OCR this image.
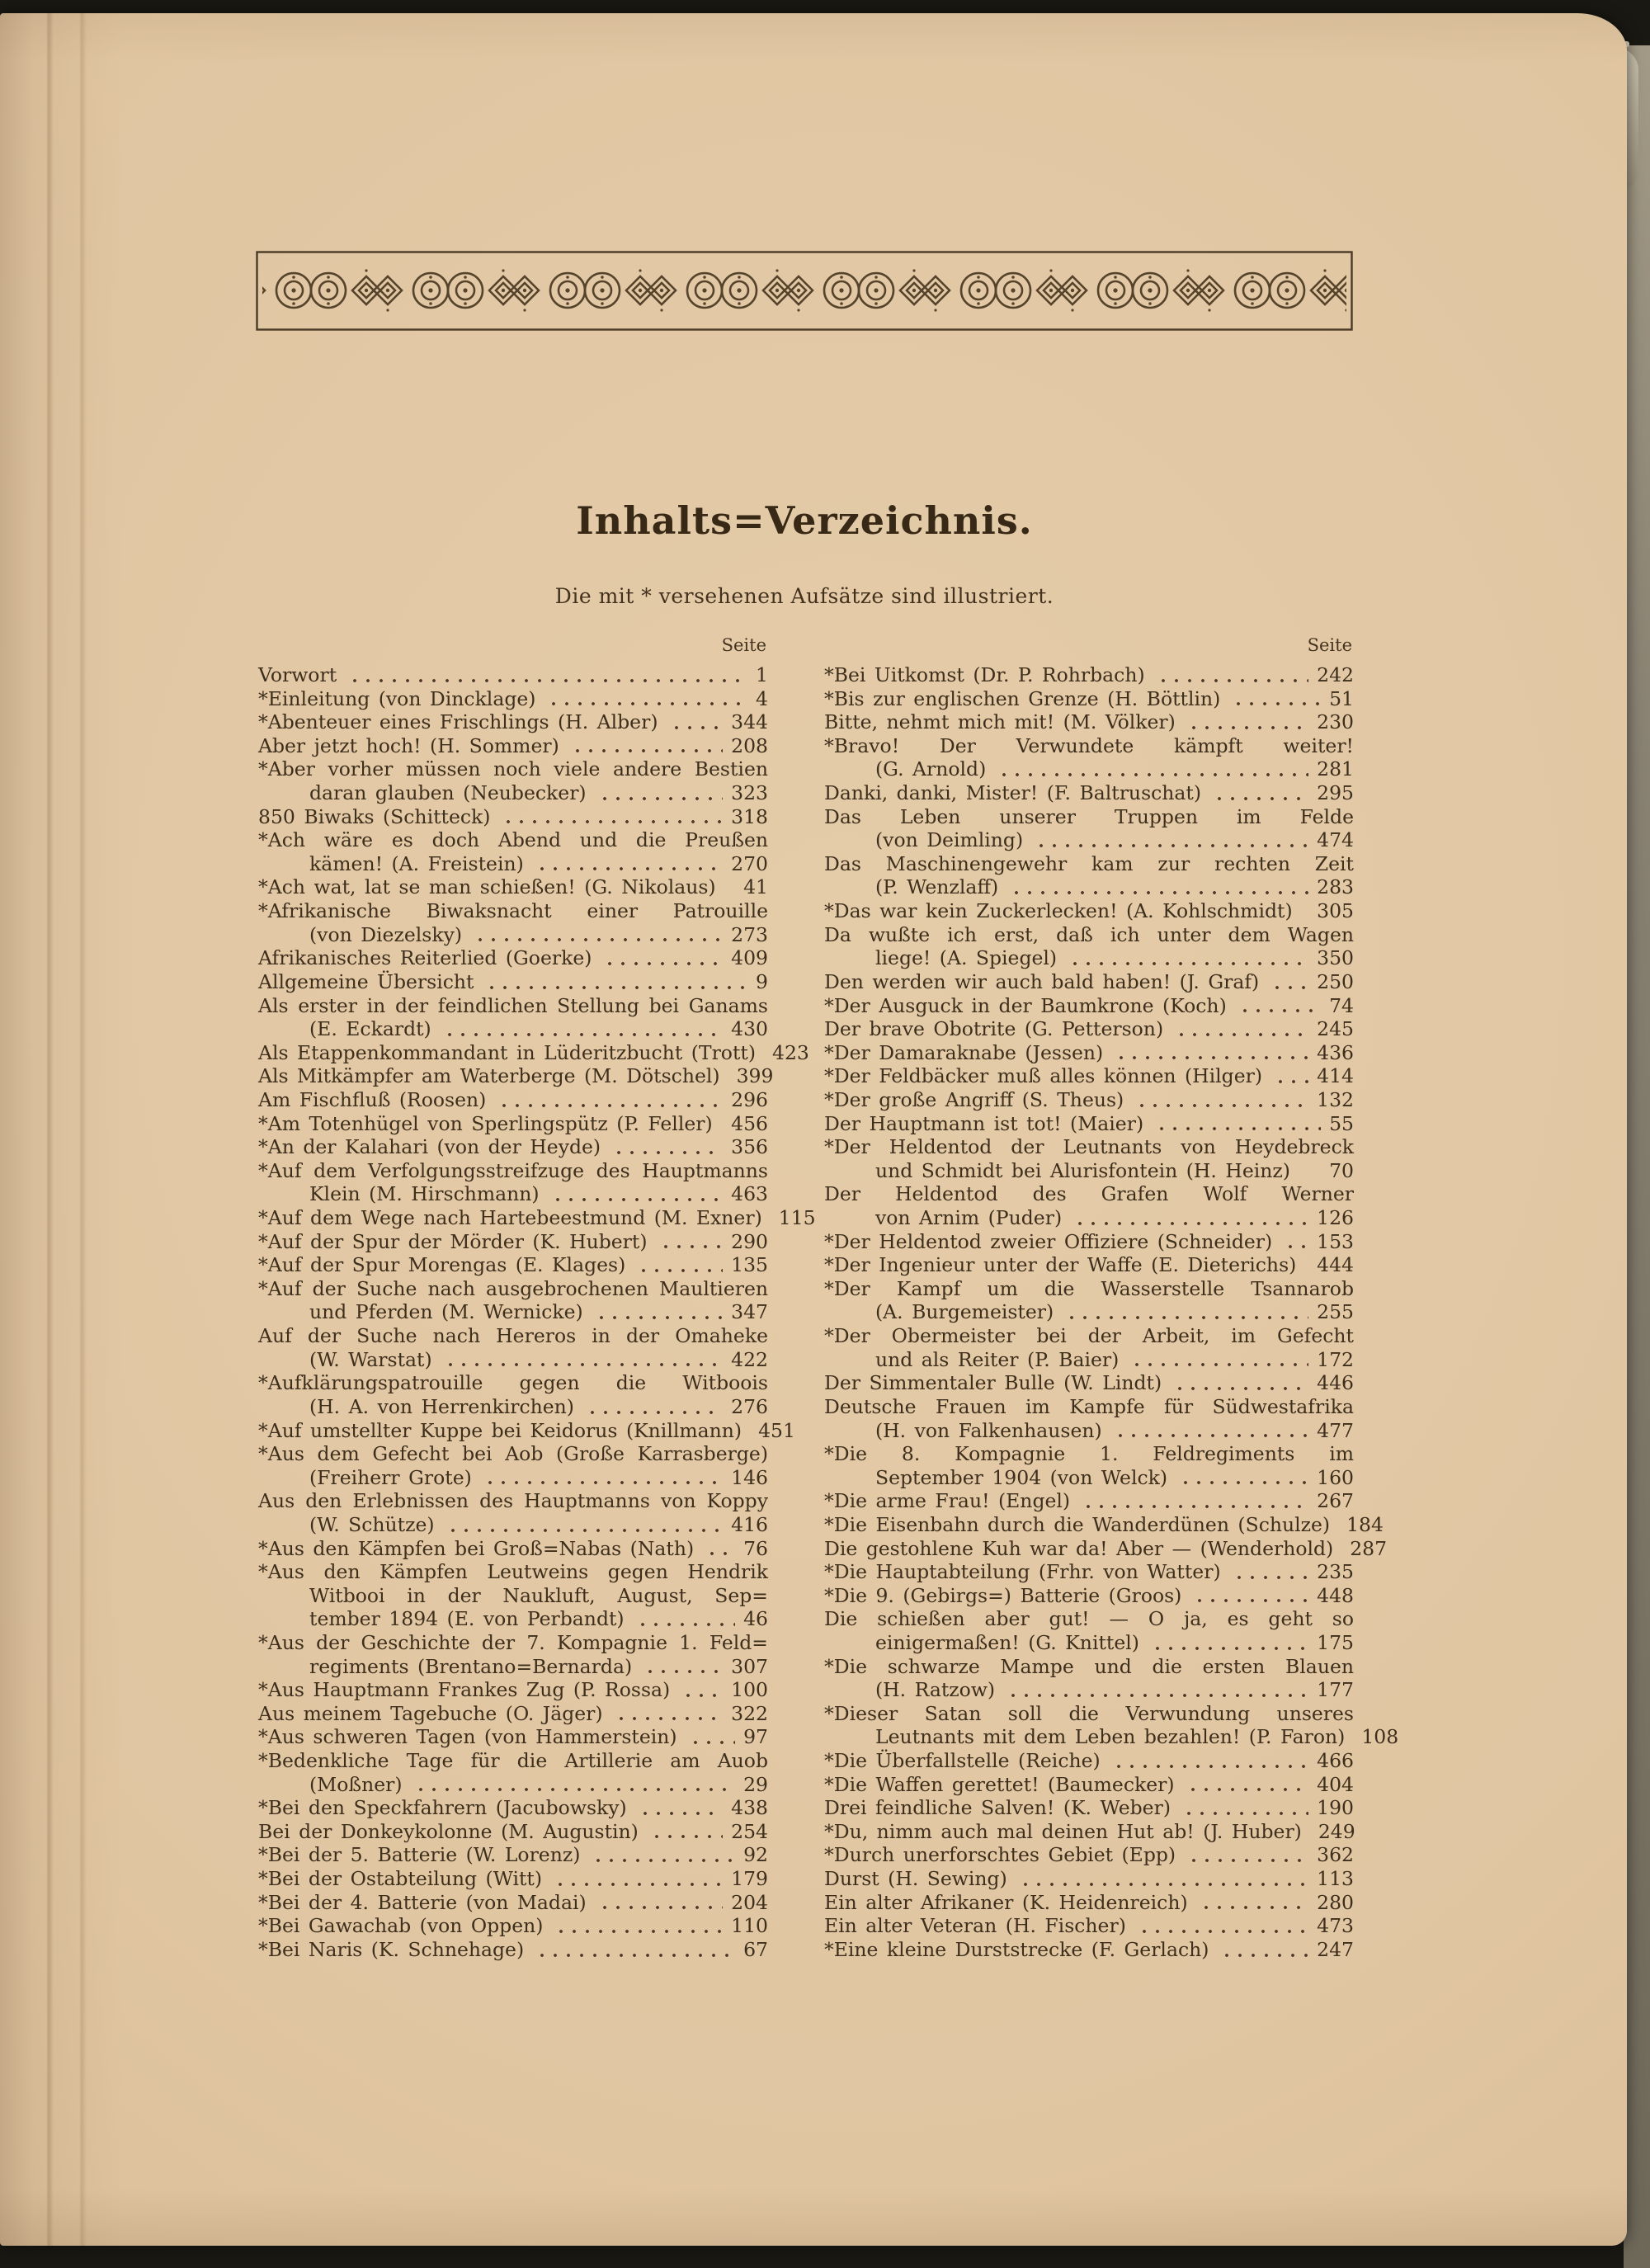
Inhalts=Verzeichnis.
Die mit * versehenen Aufsätze sind illustriert.
Seite
Vorwort	1
*Einleitung (von Dincklage)	4
*Abenteuer eines Frischlings (H. Alber)	344
Aber jetzt hoch! (H. Sommer)	208
*Aber vorher müssen noch viele andere Bestien
daran glauben (Neubecker)	323
850 Biwaks (Schitteck)	318
*Ach wäre es doch Abend und die Preußen
kämen! (A. Freistein)	270
*Ach wat, lat se man schießen! (G. Nikolaus) 41
*Afrikanische Biwaksnacht einer Patrouille
(von Diezelsky)	273
Afrikanisches Reiterlied (Goerke)	409
Allgemeine Übersicht	9
Als erster in der feindlichen Stellung bei Ganams
(E. Eckardt)	430
Als Etappenkommandant in Lüderitzbucht (Trott) 423
Als Mitkämpfer am Waterberge (M. Dötschel) 399
Am Fischfluß (Roosen)	296
*Am Totenhügel von Sperlingspütz (P. Feller) 456
*An der Kalahari (von der Heyde)	356
*Auf dem Verfolgungsstreifzuge des Hauptmanns
Klein (M. Hirschmann)	463
*Auf dem Wege nach Hartebeestmund (M. Exner) 115
*Auf der Spur der Mörder (K. Hubert)	290
*Auf der Spur Morengas (E. Klages)	135
*Auf der Suche nach ausgebrochenen Maultieren
und Pferden (M. Wernicke)	347
Auf der Suche nach Hereros in der Omaheke
(W. Warstat)	422
*Aufklärungspatrouille gegen die Witboois
(H. A. von Herrenkirchen)	276
*Auf umstellter Kuppe bei Keidorus (Knillmann) 451
*Aus dem Gefecht bei Aob (Große Karrasberge)
(Freiherr Grote)	146
Aus den Erlebnissen des Hauptmanns von Koppy
(W. Schütze)	416
*Aus den Kämpfen bei Groß=Nabas (Nath)	76
*Aus den Kämpfen Leutweins gegen Hendrik
Witbooi in der Naukluft, August, Sep=
tember 1894 (E. von Perbandt)	46
*Aus der Geschichte der 7. Kompagnie 1. Feld=
regiments (Brentano=Bernarda)	307
*Aus Hauptmann Frankes Zug (P. Rossa)	100
Aus meinem Tagebuche (O. Jäger)	322
*Aus schweren Tagen (von Hammerstein)	97
*Bedenkliche Tage für die Artillerie am Auob
(Moßner)	29
*Bei den Speckfahrern (Jacubowsky)	438
Bei der Donkeykolonne (M. Augustin)	254
*Bei der 5. Batterie (W. Lorenz)	92
*Bei der Ostabteilung (Witt)	179
*Bei der 4. Batterie (von Madai)	204
*Bei Gawachab (von Oppen)	110
*Bei Naris (K. Schnehage)	67
Seite
*Bei Uitkomst (Dr. P. Rohrbach)	242
*Bis zur englischen Grenze (H. Böttlin)	51
Bitte, nehmt mich mit! (M. Völker)	230
*Bravo! Der Verwundete kämpft weiter!
(G. Arnold)	281
Danki, danki, Mister! (F. Baltruschat)	295
Das Leben unserer Truppen im Felde
(von Deimling)	474
Das Maschinengewehr kam zur rechten Zeit
(P. Wenzlaff)	283
*Das war kein Zuckerlecken! (A. Kohlschmidt) 305
Da wußte ich erst, daß ich unter dem Wagen
liege! (A. Spiegel)	350
Den werden wir auch bald haben! (J. Graf)	250
*Der Ausguck in der Baumkrone (Koch)	74
Der brave Obotrite (G. Petterson)	245
*Der Damaraknabe (Jessen)	436
*Der Feldbäcker muß alles können (Hilger)	414
*Der große Angriff (S. Theus)	132
Der Hauptmann ist tot! (Maier)	55
*Der Heldentod der Leutnants von Heydebreck
und Schmidt bei Alurisfontein (H. Heinz) 70
Der Heldentod des Grafen Wolf Werner
von Arnim (Puder)	126
*Der Heldentod zweier Offiziere (Schneider) 153
*Der Ingenieur unter der Waffe (E. Dieterichs) 444
*Der Kampf um die Wasserstelle Tsannarob
(A. Burgemeister)	255
*Der Obermeister bei der Arbeit, im Gefecht
und als Reiter (P. Baier)	172
Der Simmentaler Bulle (W. Lindt)	446
Deutsche Frauen im Kampfe für Südwestafrika
(H. von Falkenhausen)	477
*Die 8. Kompagnie 1. Feldregiments im
September 1904 (von Welck)	160
*Die arme Frau! (Engel)	267
*Die Eisenbahn durch die Wanderdünen (Schulze) 184
Die gestohlene Kuh war da! Aber — (Wenderhold) 287
*Die Hauptabteilung (Frhr. von Watter)	235
*Die 9. (Gebirgs=) Batterie (Groos)	448
Die schießen aber gut! — O ja, es geht so
einigermaßen! (G. Knittel)	175
*Die schwarze Mampe und die ersten Blauen
(H. Ratzow)	177
*Dieser Satan soll die Verwundung unseres
Leutnants mit dem Leben bezahlen! (P. Faron) 108
*Die Überfallstelle (Reiche)	466
*Die Waffen gerettet! (Baumecker)	404
Drei feindliche Salven! (K. Weber)	190
*Du, nimm auch mal deinen Hut ab! (J. Huber) 249
*Durch unerforschtes Gebiet (Epp)	362
Durst (H. Sewing)	113
Ein alter Afrikaner (K. Heidenreich)	280
Ein alter Veteran (H. Fischer)	473
*Eine kleine Durststrecke (F. Gerlach)	247
